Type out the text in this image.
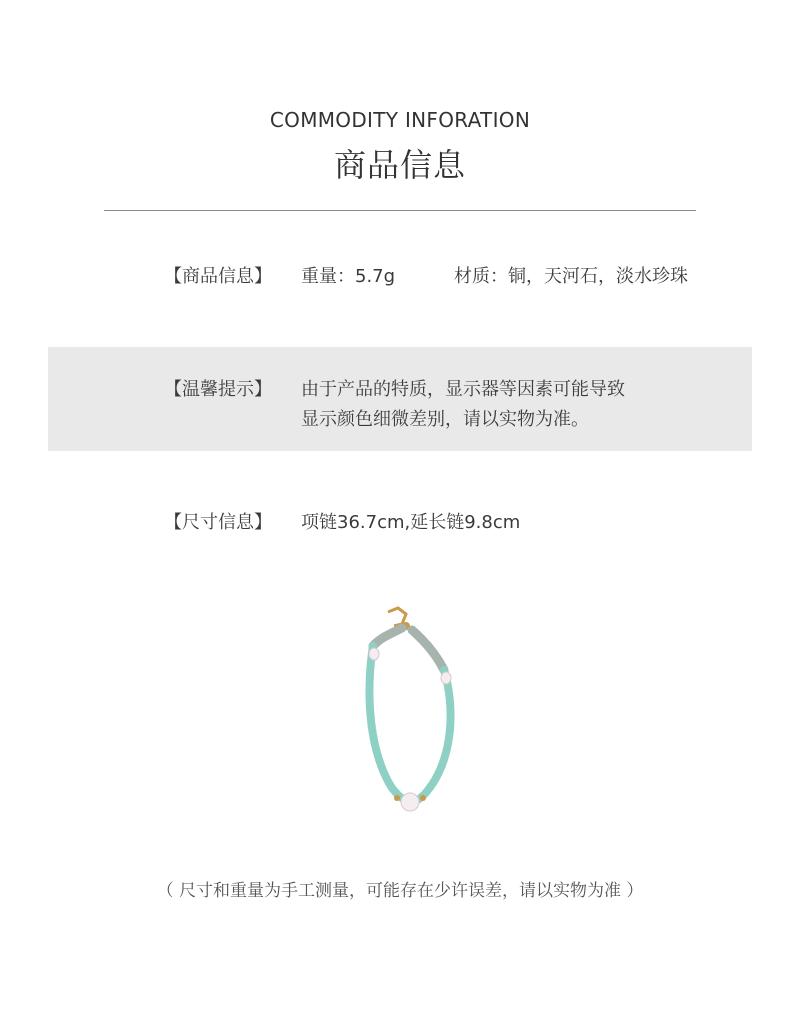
COMMODITY INFORATION
商品信息
【商品信息】 重量：5.7g	材质：铜，天河石，淡水珍珠
【温馨提示】 由于产品的特质，显示器等因素可能导致
显示颜色细微差别，请以实物为准。
【尺寸信息】 项链36.7cm,延长链9.8cm
（ 尺寸和重量为手工测量，可能存在少许误差，请以实物为准 ）
